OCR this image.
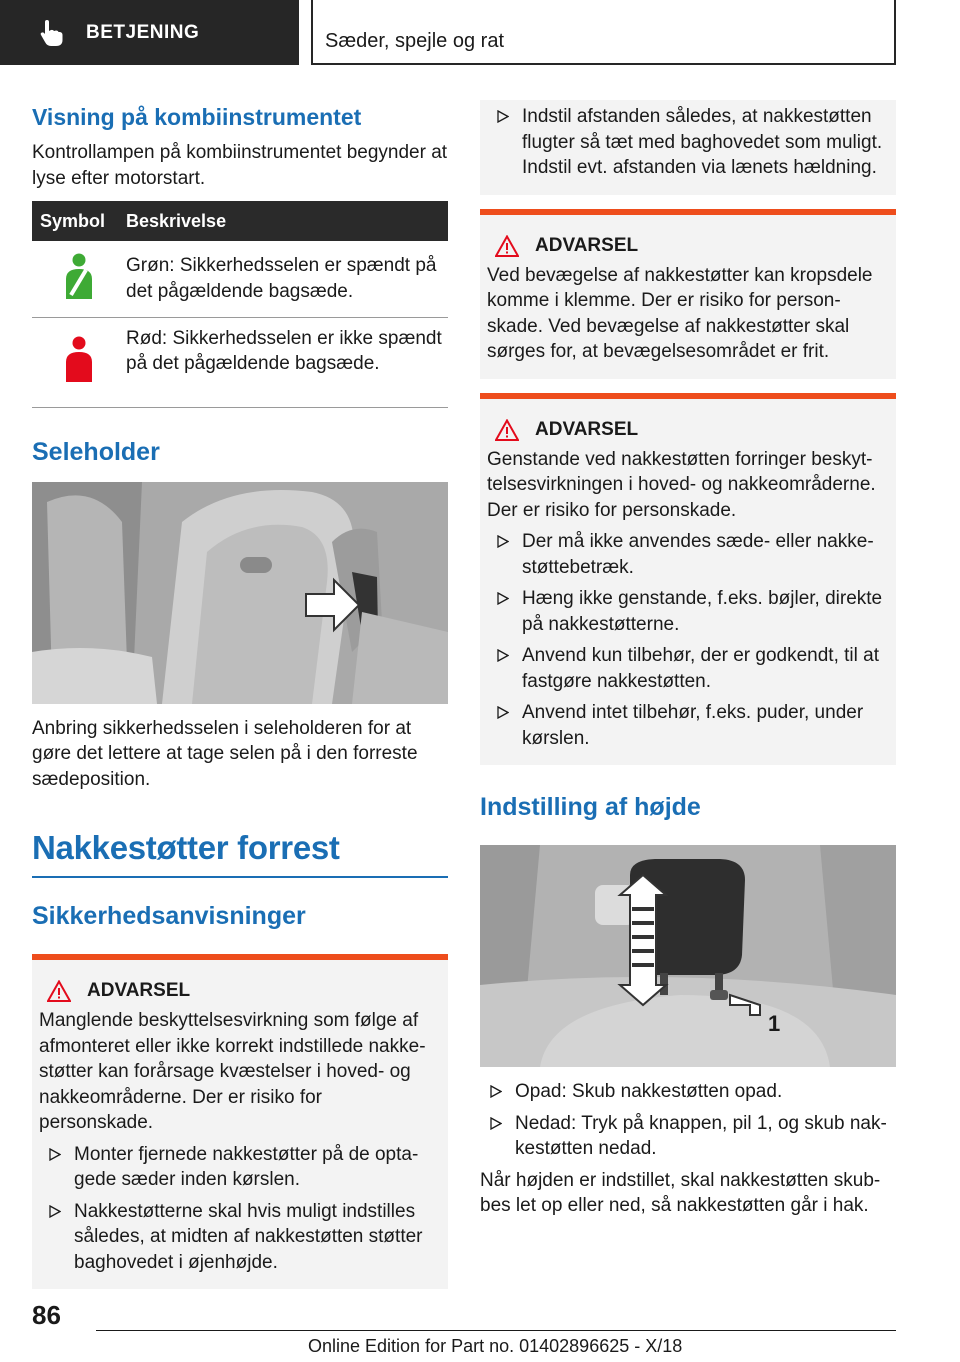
BETJENING	Sæder, spejle og rat
Visning på kombiinstrumentet

Kontrollampen på kombiinstrumentet begynder at lyse efter motorstart.

Symbol	Beskrivelse
	Grøn: Sikkerhedsselen er spændt på det pågældende bagsæde.
	Rød: Sikkerhedsselen er ikke spændt på det pågældende bagsæde.
Seleholder

Anbring sikkerhedsselen i seleholderen for at gøre det lettere at tage selen på i den forreste sædeposition.

Nakkestøtter forrest
Sikkerhedsanvisninger
ADVARSEL

Manglende beskyttelsesvirkning som følge af afmonteret eller ikke korrekt indstillede nakkestøtter kan forårsage kvæstelser i hoved- og nakkeområderne. Der er risiko for personskade.

Monter fjernede nakkestøtter på de optagede sæder inden kørslen.
Nakkestøtterne skal hvis muligt indstilles således, at midten af nakkestøtten støtter baghovedet i øjenhøjde.
Indstil afstanden således, at nakkestøtten flugter så tæt med baghovedet som muligt. Indstil evt. afstanden via lænets hældning.
ADVARSEL

Ved bevægelse af nakkestøtter kan kropsdele komme i klemme. Der er risiko for personskade. Ved bevægelse af nakkestøtter skal sørges for, at bevægelsesområdet er frit.

ADVARSEL

Genstande ved nakkestøtten forringer beskyttelsesvirkningen i hoved- og nakkeområderne. Der er risiko for personskade.

Der må ikke anvendes sæde- eller nakkestøttebetræk.
Hæng ikke genstande, f.eks. bøjler, direkte på nakkestøtterne.
Anvend kun tilbehør, der er godkendt, til at fastgøre nakkestøtten.
Anvend intet tilbehør, f.eks. puder, under kørslen.
Indstilling af højde
1
Opad: Skub nakkestøtten opad.
Nedad: Tryk på knappen, pil 1, og skub nakkestøtten nedad.

Når højden er indstillet, skal nakkestøtten skubbes let op eller ned, så nakkestøtten går i hak.

86
Online Edition for Part no. 01402896625 - X/18
